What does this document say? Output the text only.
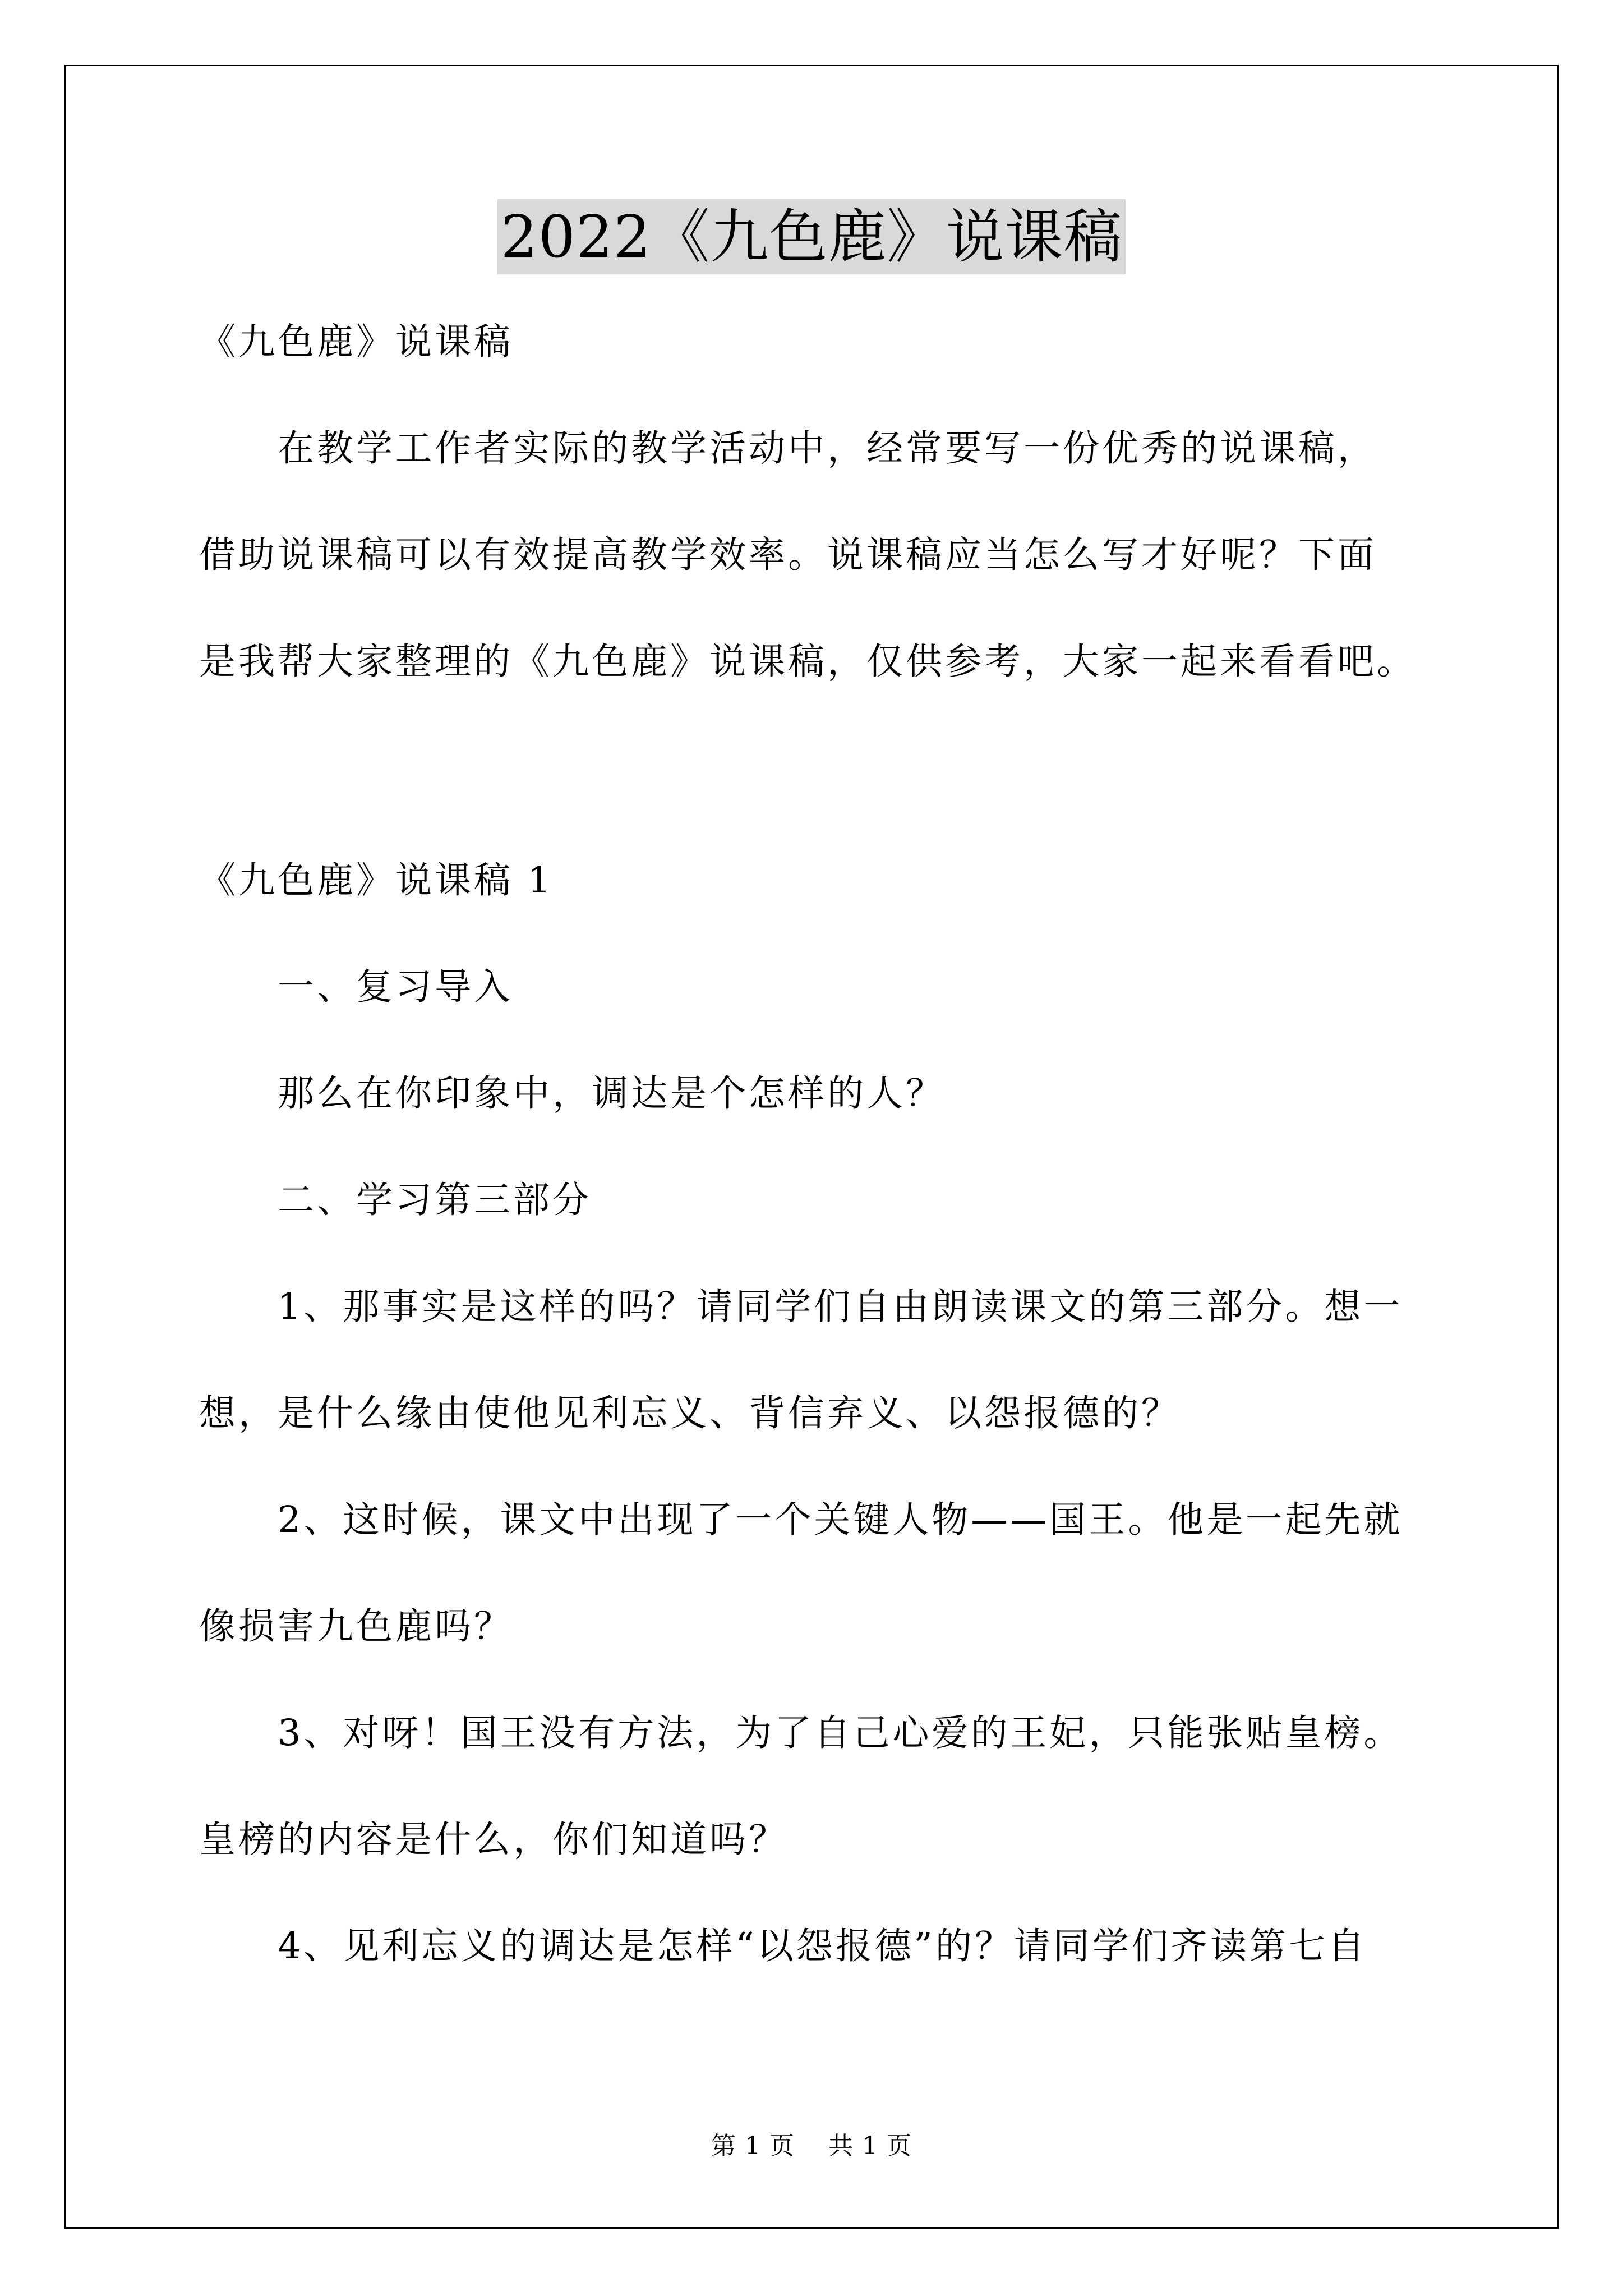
2022《九色鹿》说课稿
《九色鹿》说课稿
在教学工作者实际的教学活动中，经常要写一份优秀的说课稿，
借助说课稿可以有效提高教学效率。说课稿应当怎么写才好呢？下面
是我帮大家整理的《九色鹿》说课稿，仅供参考，大家一起来看看吧。
《九色鹿》说课稿 1
一、复习导入
那么在你印象中，调达是个怎样的人？
二、学习第三部分
1、那事实是这样的吗？请同学们自由朗读课文的第三部分。想一
想，是什么缘由使他见利忘义、背信弃义、以怨报德的？
2、这时候，课文中出现了一个关键人物——国王。他是一起先就
像损害九色鹿吗？
3、对呀！国王没有方法，为了自己心爱的王妃，只能张贴皇榜。
皇榜的内容是什么，你们知道吗？
4、见利忘义的调达是怎样“以怨报德”的？请同学们齐读第七自
第 1 页 共 1 页
